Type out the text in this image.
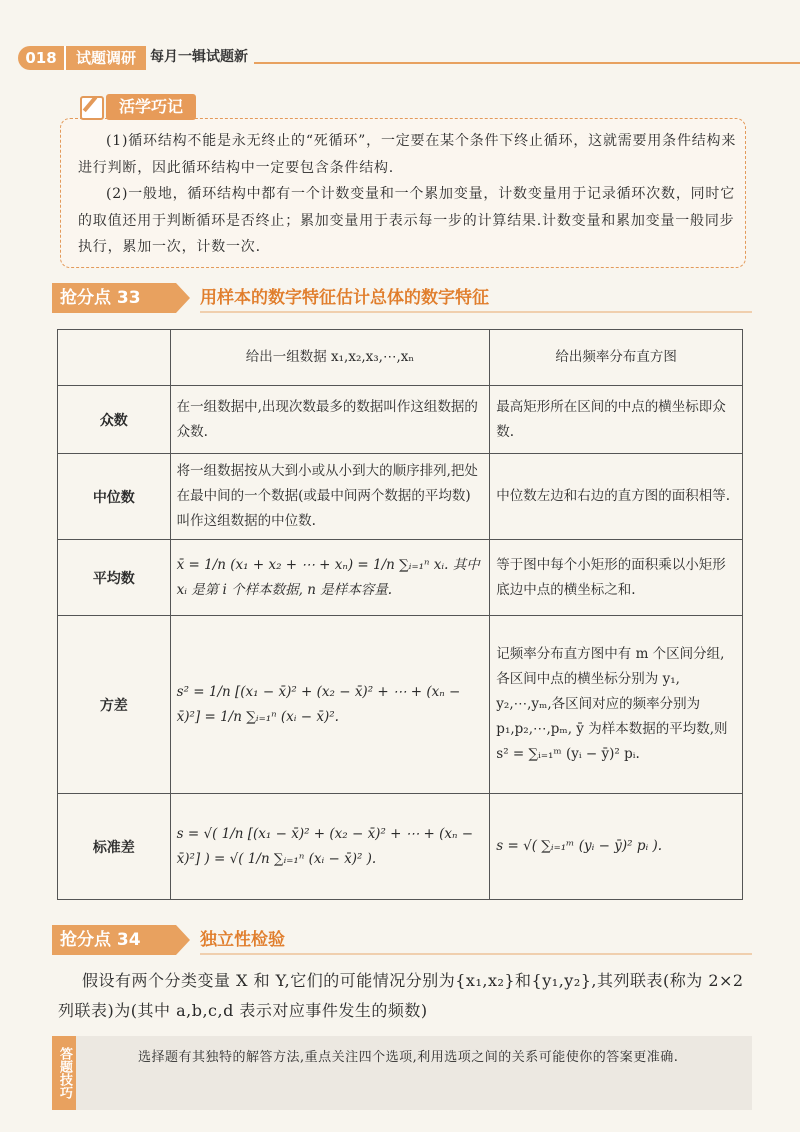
018	试题调研	每月一辑试题新
活学巧记

(1)循环结构不能是永无终止的“死循环”，一定要在某个条件下终止循环，这就需要用条件结构来进行判断，因此循环结构中一定要包含条件结构.

(2)一般地，循环结构中都有一个计数变量和一个累加变量，计数变量用于记录循环次数，同时它的取值还用于判断循环是否终止；累加变量用于表示每一步的计算结果.计数变量和累加变量一般同步执行，累加一次，计数一次.

抢分点 33	用样本的数字特征估计总体的数字特征
	给出一组数据 x₁,x₂,x₃,⋯,xₙ	给出频率分布直方图
众数	在一组数据中,出现次数最多的数据叫作这组数据的众数.	最高矩形所在区间的中点的横坐标即众数.
中位数	将一组数据按从大到小或从小到大的顺序排列,把处在最中间的一个数据(或最中间两个数据的平均数)叫作这组数据的中位数.	中位数左边和右边的直方图的面积相等.
平均数	x̄ = 1/n (x₁ + x₂ + ⋯ + xₙ) = 1/n ∑ᵢ₌₁ⁿ xᵢ. 其中 xᵢ 是第 i 个样本数据, n 是样本容量.	等于图中每个小矩形的面积乘以小矩形底边中点的横坐标之和.
方差	s² = 1/n [(x₁ − x̄)² + (x₂ − x̄)² + ⋯ + (xₙ − x̄)²] = 1/n ∑ᵢ₌₁ⁿ (xᵢ − x̄)².	记频率分布直方图中有 m 个区间分组,各区间中点的横坐标分别为 y₁, y₂,⋯,yₘ,各区间对应的频率分别为 p₁,p₂,⋯,pₘ, ȳ 为样本数据的平均数,则 s² = ∑ᵢ₌₁ᵐ (yᵢ − ȳ)² pᵢ.
标准差	s = √( 1/n [(x₁ − x̄)² + (x₂ − x̄)² + ⋯ + (xₙ − x̄)²] ) = √( 1/n ∑ᵢ₌₁ⁿ (xᵢ − x̄)² ).	s = √( ∑ᵢ₌₁ᵐ (yᵢ − ȳ)² pᵢ ).
抢分点 34	独立性检验

假设有两个分类变量 X 和 Y,它们的可能情况分别为{x₁,x₂}和{y₁,y₂},其列联表(称为 2×2 列联表)为(其中 a,b,c,d 表示对应事件发生的频数)

答题技巧	选择题有其独特的解答方法,重点关注四个选项,利用选项之间的关系可能使你的答案更准确.
